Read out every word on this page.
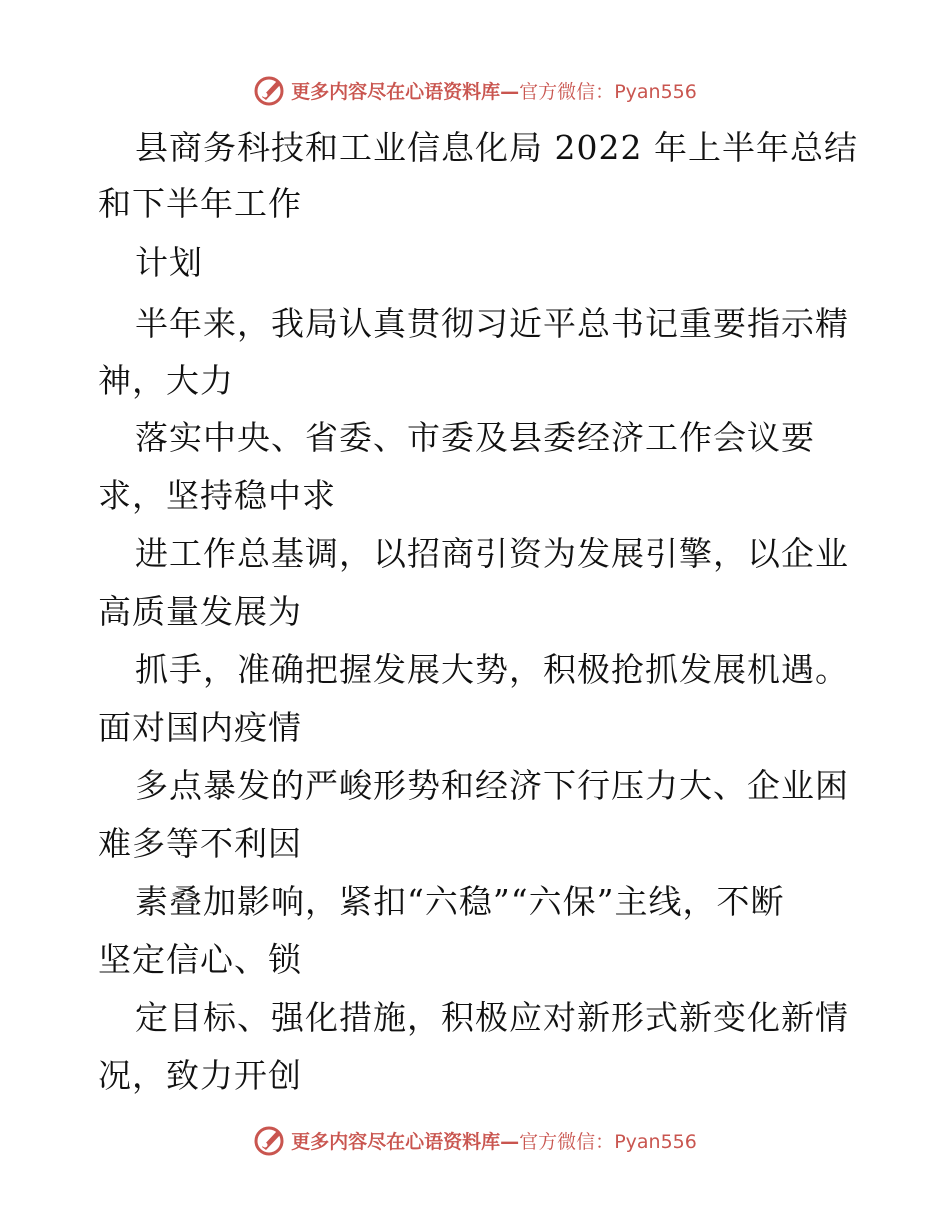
更多内容尽在心语资料库—官方微信：Pyan556
县商务科技和工业信息化局 2022 年上半年总结
和下半年工作
计划
半年来，我局认真贯彻习近平总书记重要指示精
神，大力
落实中央、省委、市委及县委经济工作会议要
求，坚持稳中求
进工作总基调，以招商引资为发展引擎，以企业
高质量发展为
抓手，准确把握发展大势，积极抢抓发展机遇。
面对国内疫情
多点暴发的严峻形势和经济下行压力大、企业困
难多等不利因
素叠加影响，紧扣“六稳”“六保”主线，不断
坚定信心、锁
定目标、强化措施，积极应对新形式新变化新情
况，致力开创
更多内容尽在心语资料库—官方微信：Pyan556
